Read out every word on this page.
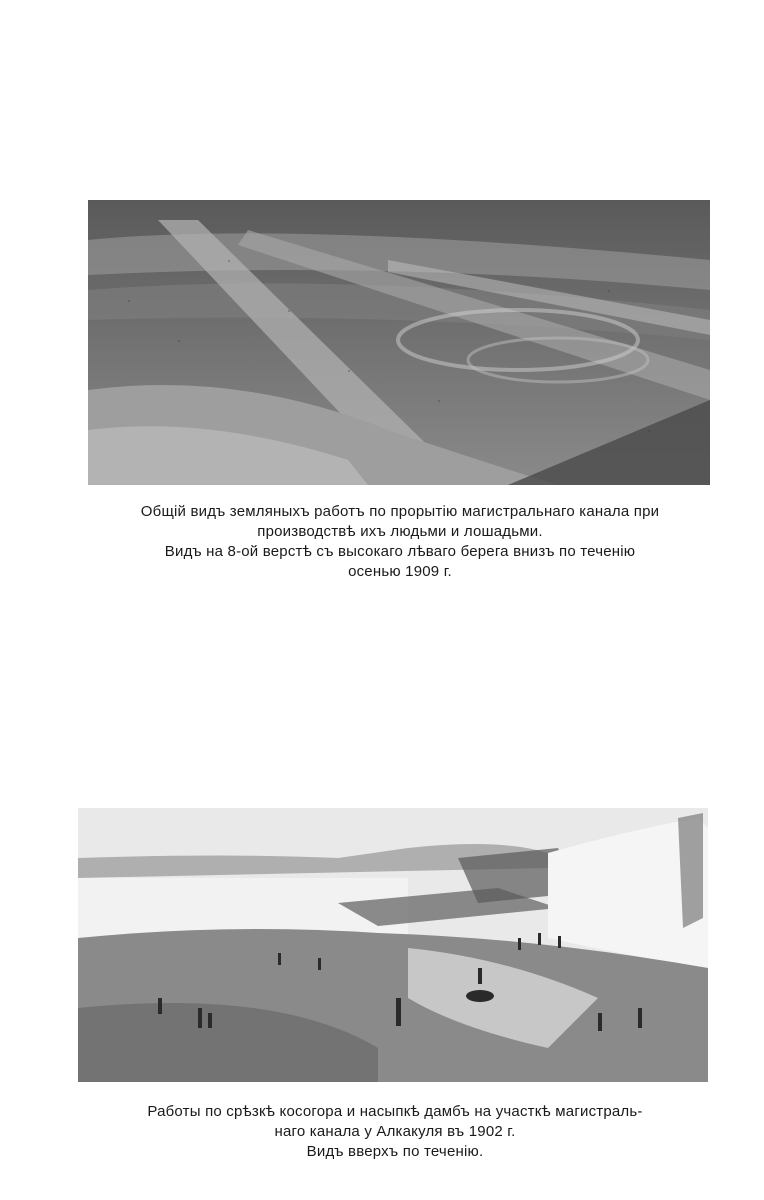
Общій видъ земляныхъ работъ по прорытію магистральнаго канала при
производствѣ ихъ людьми и лошадьми.
Видъ на 8-ой верстѣ съ высокаго лѣваго берега внизъ по теченію
осенью 1909 г.
Работы по срѣзкѣ косогора и насыпкѣ дамбъ на участкѣ магистраль-
наго канала у Алкакуля въ 1902 г.
Видъ вверхъ по теченію.
